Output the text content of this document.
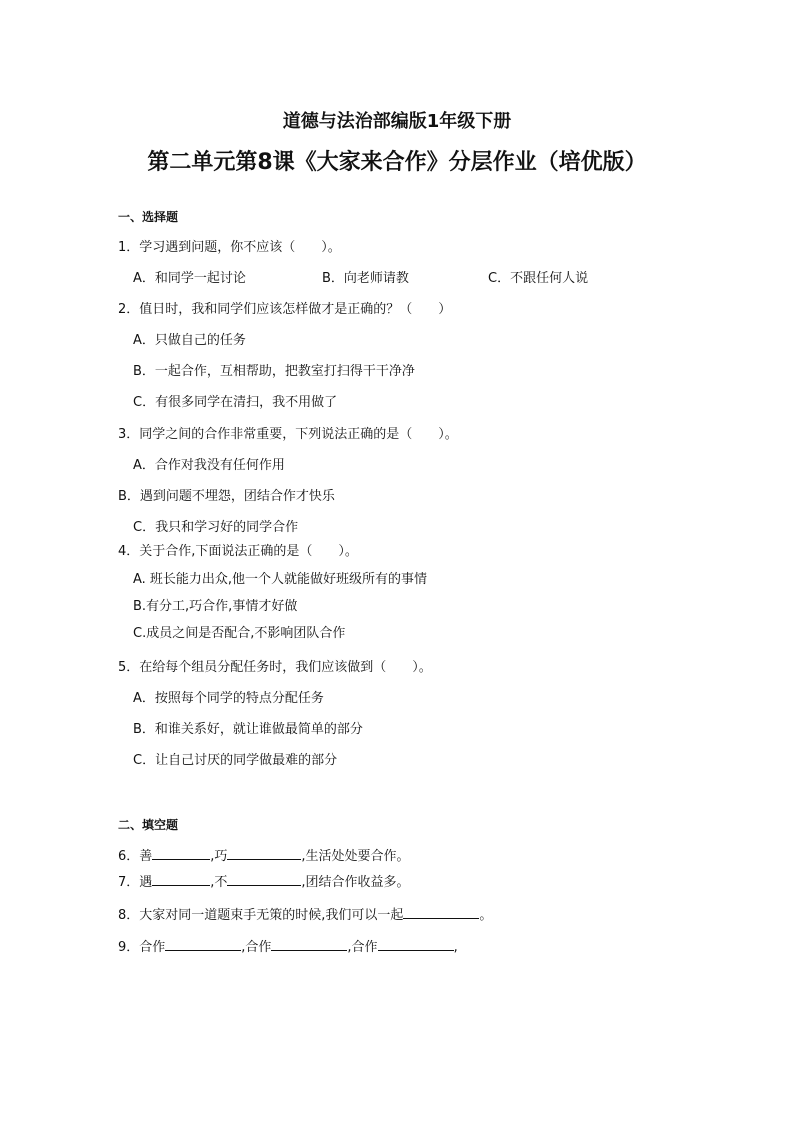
道德与法治部编版1年级下册
第二单元第8课《大家来合作》分层作业（培优版）
一、选择题
1．学习遇到问题，你不应该（　　）。
A．和同学一起讨论	B．向老师请教	C．不跟任何人说
2．值日时，我和同学们应该怎样做才是正确的？（　　）
A．只做自己的任务
B．一起合作，互相帮助，把教室打扫得干干净净
C．有很多同学在清扫，我不用做了
3．同学之间的合作非常重要，下列说法正确的是（　　）。
A．合作对我没有任何作用
B．遇到问题不埋怨，团结合作才快乐
C．我只和学习好的同学合作
4．关于合作,下面说法正确的是（　　）。
A. 班长能力出众,他一个人就能做好班级所有的事情
B.有分工,巧合作,事情才好做
C.成员之间是否配合,不影响团队合作
5．在给每个组员分配任务时，我们应该做到（　　）。
A．按照每个同学的特点分配任务
B．和谁关系好，就让谁做最简单的部分
C．让自己讨厌的同学做最难的部分
二、填空题
6．善	,巧	,生活处处要合作。
7．遇	,不	,团结合作收益多。
8．大家对同一道题束手无策的时候,我们可以一起	。
9．合作	,合作	,合作	,
